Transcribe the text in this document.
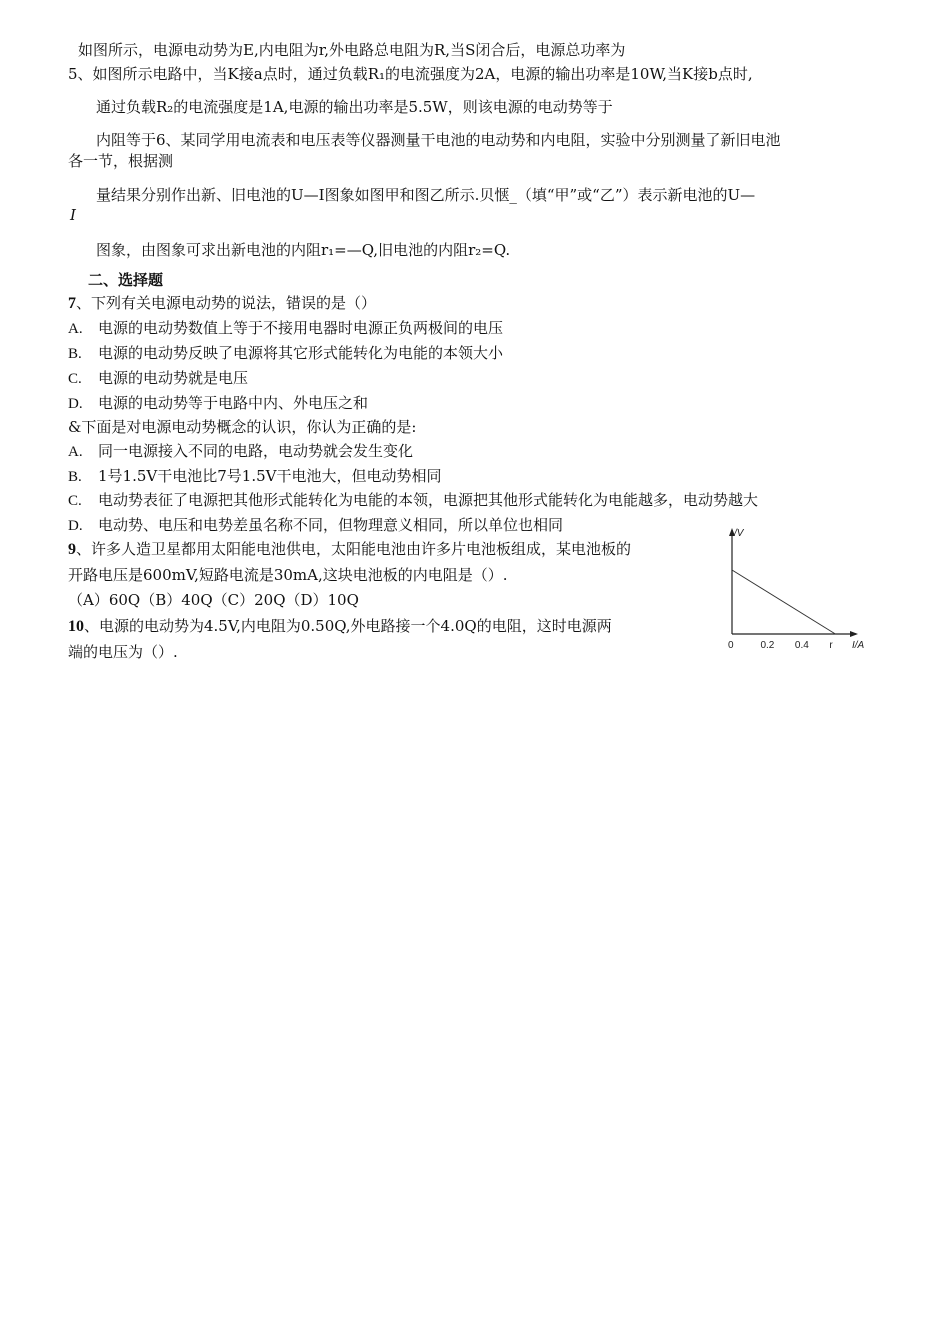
如图所示，电源电动势为E,内电阻为r,外电路总电阻为R,当S闭合后，电源总功率为
5、如图所示电路中，当K接a点时，通过负载R₁的电流强度为2A，电源的输出功率是10W,当K接b点时,
通过负载R₂的电流强度是1A,电源的输出功率是5.5W，则该电源的电动势等于
内阻等于6、某同学用电流表和电压表等仪器测量干电池的电动势和内电阻，实验中分别测量了新旧电池
各一节，根据测
量结果分别作出新、旧电池的U—I图象如图甲和图乙所示.贝惬_（填“甲”或“乙”）表示新电池的U—
I
图象，由图象可求出新电池的内阻r₁=—Q,旧电池的内阻r₂=Q.
二、选择题
7、下列有关电源电动势的说法，错误的是（）
A. 电源的电动势数值上等于不接用电器时电源正负两极间的电压
B. 电源的电动势反映了电源将其它形式能转化为电能的本领大小
C. 电源的电动势就是电压
D. 电源的电动势等于电路中内、外电压之和
&下面是对电源电动势概念的认识，你认为正确的是:
A. 同一电源接入不同的电路，电动势就会发生变化
B. 1号1.5V干电池比7号1.5V干电池大，但电动势相同
C. 电动势表征了电源把其他形式能转化为电能的本领，电源把其他形式能转化为电能越多，电动势越大
D. 电动势、电压和电势差虽名称不同，但物理意义相同，所以单位也相同
9、许多人造卫星都用太阳能电池供电，太阳能电池由许多片电池板组成，某电池板的
开路电压是600mV,短路电流是30mA,这块电池板的内电阻是（）.
（A）60Q（B）40Q（C）20Q（D）10Q
10、电源的电动势为4.5V,内电阻为0.50Q,外电路接一个4.0Q的电阻，这时电源两
端的电压为（）.	0	0.2 0.4 r I/A
/V
